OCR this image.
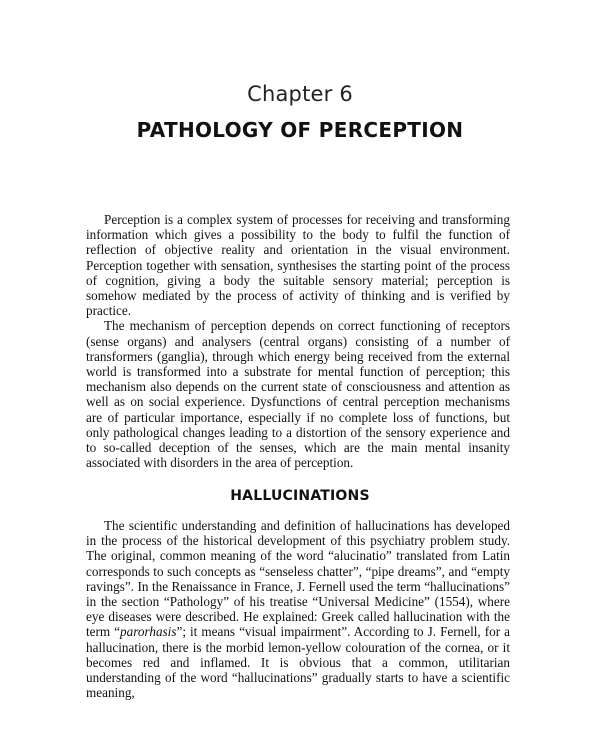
Chapter 6
PATHOLOGY OF PERCEPTION

Perception is a complex system of processes for receiving and transforming information which gives a possibility to the body to fulfil the function of reflection of objective reality and orientation in the visual environment. Perception together with sensation, synthesises the starting point of the process of cognition, giving a body the suitable sensory material; perception is somehow mediated by the process of activity of thinking and is verified by practice.

The mechanism of perception depends on correct functioning of receptors (sense organs) and analysers (central organs) consisting of a number of transformers (ganglia), through which energy being received from the external world is transformed into a substrate for mental function of perception; this mechanism also depends on the current state of consciousness and attention as well as on social experience. Dysfunctions of central perception mechanisms are of particular importance, especially if no complete loss of functions, but only pathological changes leading to a distortion of the sensory experience and to so-called deception of the senses, which are the main mental insanity associated with disorders in the area of perception.

HALLUCINATIONS

The scientific understanding and definition of hallucinations has developed in the process of the historical development of this psychiatry problem study. The original, common meaning of the word “alucinatio” translated from Latin corresponds to such concepts as “senseless chatter”, “pipe dreams”, and “empty ravings”. In the Renaissance in France, J. Fernell used the term “hallucinations” in the section “Pathology” of his treatise “Universal Medicine” (1554), where eye diseases were described. He explained: Greek called hallucination with the term “parorhasis”; it means “visual impairment”. According to J. Fernell, for a hallucination, there is the morbid lemon-yellow colouration of the cornea, or it becomes red and inflamed. It is obvious that a common, utilitarian understanding of the word “hallucinations” gradually starts to have a scientific meaning,
